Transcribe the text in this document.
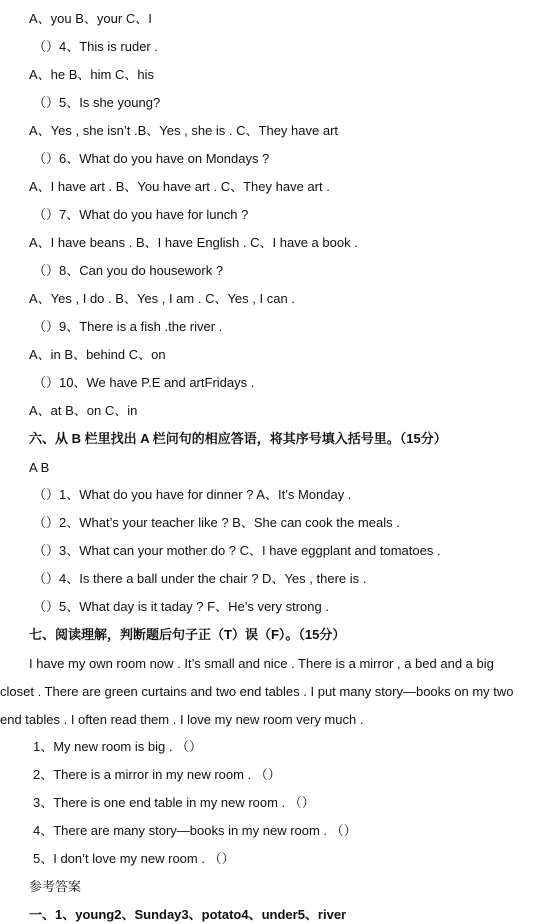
A、you B、your C、I
（）4、This is ruder .
A、he B、him C、his
（）5、Is she young?
A、Yes , she isn’t .B、Yes , she is . C、They have art
（）6、What do you have on Mondays ?
A、I have art . B、You have art . C、They have art .
（）7、What do you have for lunch ?
A、I have beans . B、I have English . C、I have a book .
（）8、Can you do housework ?
A、Yes , I do . B、Yes , I am . C、Yes , I can .
（）9、There is a fish .the river .
A、in B、behind C、on
（）10、We have P.E and artFridays .
A、at B、on C、in
六、从 B 栏里找出 A 栏问句的相应答语，将其序号填入括号里。（15分）
A B
（）1、What do you have for dinner ? A、It’s Monday .
（）2、What’s your teacher like ? B、She can cook the meals .
（）3、What can your mother do ? C、I have eggplant and tomatoes .
（）4、Is there a ball under the chair ? D、Yes , there is .
（）5、What day is it taday ? F、He’s very strong .
七、阅读理解，判断题后句子正（T）误（F）。（15分）
I have my own room now . It’s small and nice . There is a mirror , a bed and a big
closet . There are green curtains and two end tables . I put many story—books on my two
end tables . I often read them . I love my new room very much .
1、My new room is big . （）
2、There is a mirror in my new room . （）
3、There is one end table in my new room . （）
4、There are many story—books in my new room . （）
5、I don’t love my new room . （）
参考答案
一、1、young2、Sunday3、potato4、under5、river
